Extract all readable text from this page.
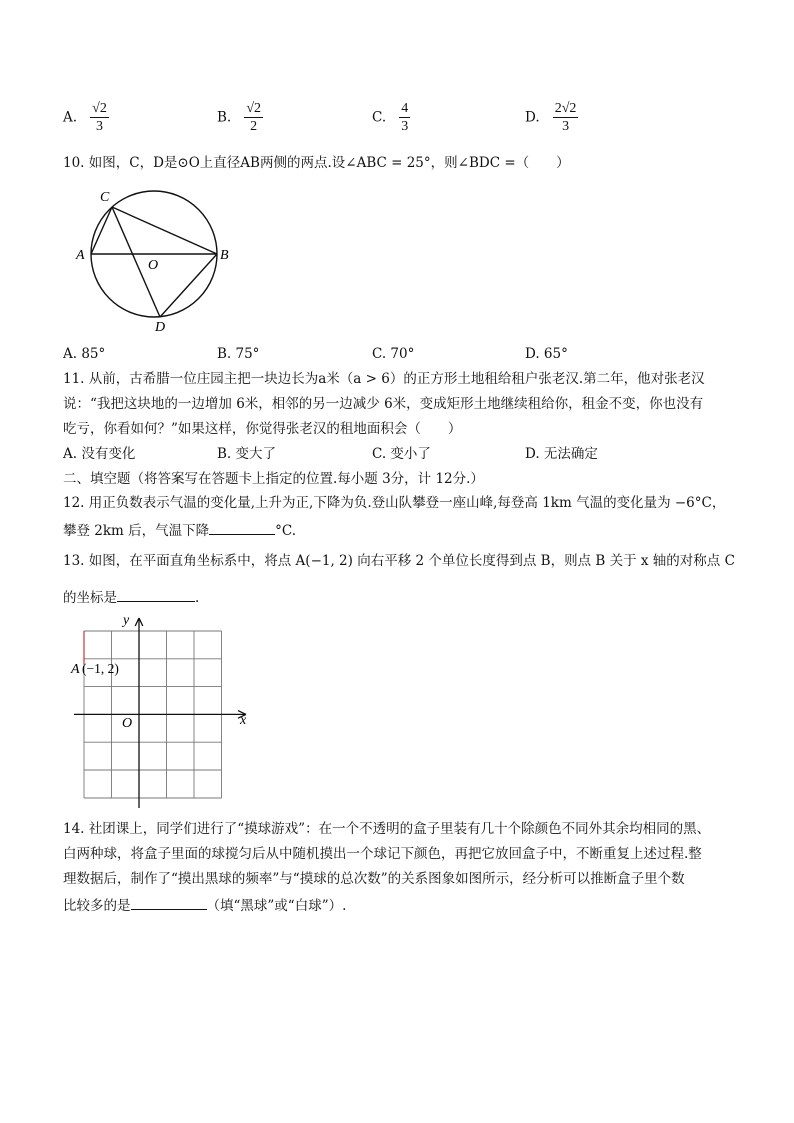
A. $\frac{√2}{3}$	B. $\frac{√2}{2}$	C. $\frac{4}{3}$	D. $\frac{2√2}{3}$
10. 如图，C，D是⊙O上直径AB两侧的两点.设∠ABC = 25°，则∠BDC =（　　）
C
A
O
B
D
A. 85°	B. 75°	C. 70°	D. 65°
11. 从前，古希腊一位庄园主把一块边长为a米（a > 6）的正方形土地租给租户张老汉.第二年，他对张老汉
说：“我把这块地的一边增加 6米，相邻的另一边减少 6米，变成矩形土地继续租给你，租金不变，你也没有
吃亏，你看如何？”如果这样，你觉得张老汉的租地面积会（　　）
A. 没有变化	B. 变大了	C. 变小了	D. 无法确定
二、填空题（将答案写在答题卡上指定的位置.每小题 3分，计 12分.）
12. 用正负数表示气温的变化量,上升为正,下降为负.登山队攀登一座山峰,每登高 1km 气温的变化量为 −6°C，
攀登 2km 后，气温下降	°C.
13. 如图，在平面直角坐标系中，将点 A(−1, 2) 向右平移 2 个单位长度得到点 B，则点 B 关于 x 轴的对称点 C
的坐标是	.
y
x
O
A (−1, 2)
14. 社团课上，同学们进行了“摸球游戏”：在一个不透明的盒子里装有几十个除颜色不同外其余均相同的黑、
白两种球，将盒子里面的球搅匀后从中随机摸出一个球记下颜色，再把它放回盒子中，不断重复上述过程.整
理数据后，制作了“摸出黑球的频率”与“摸球的总次数”的关系图象如图所示，经分析可以推断盒子里个数
比较多的是	（填“黑球”或“白球”）.
